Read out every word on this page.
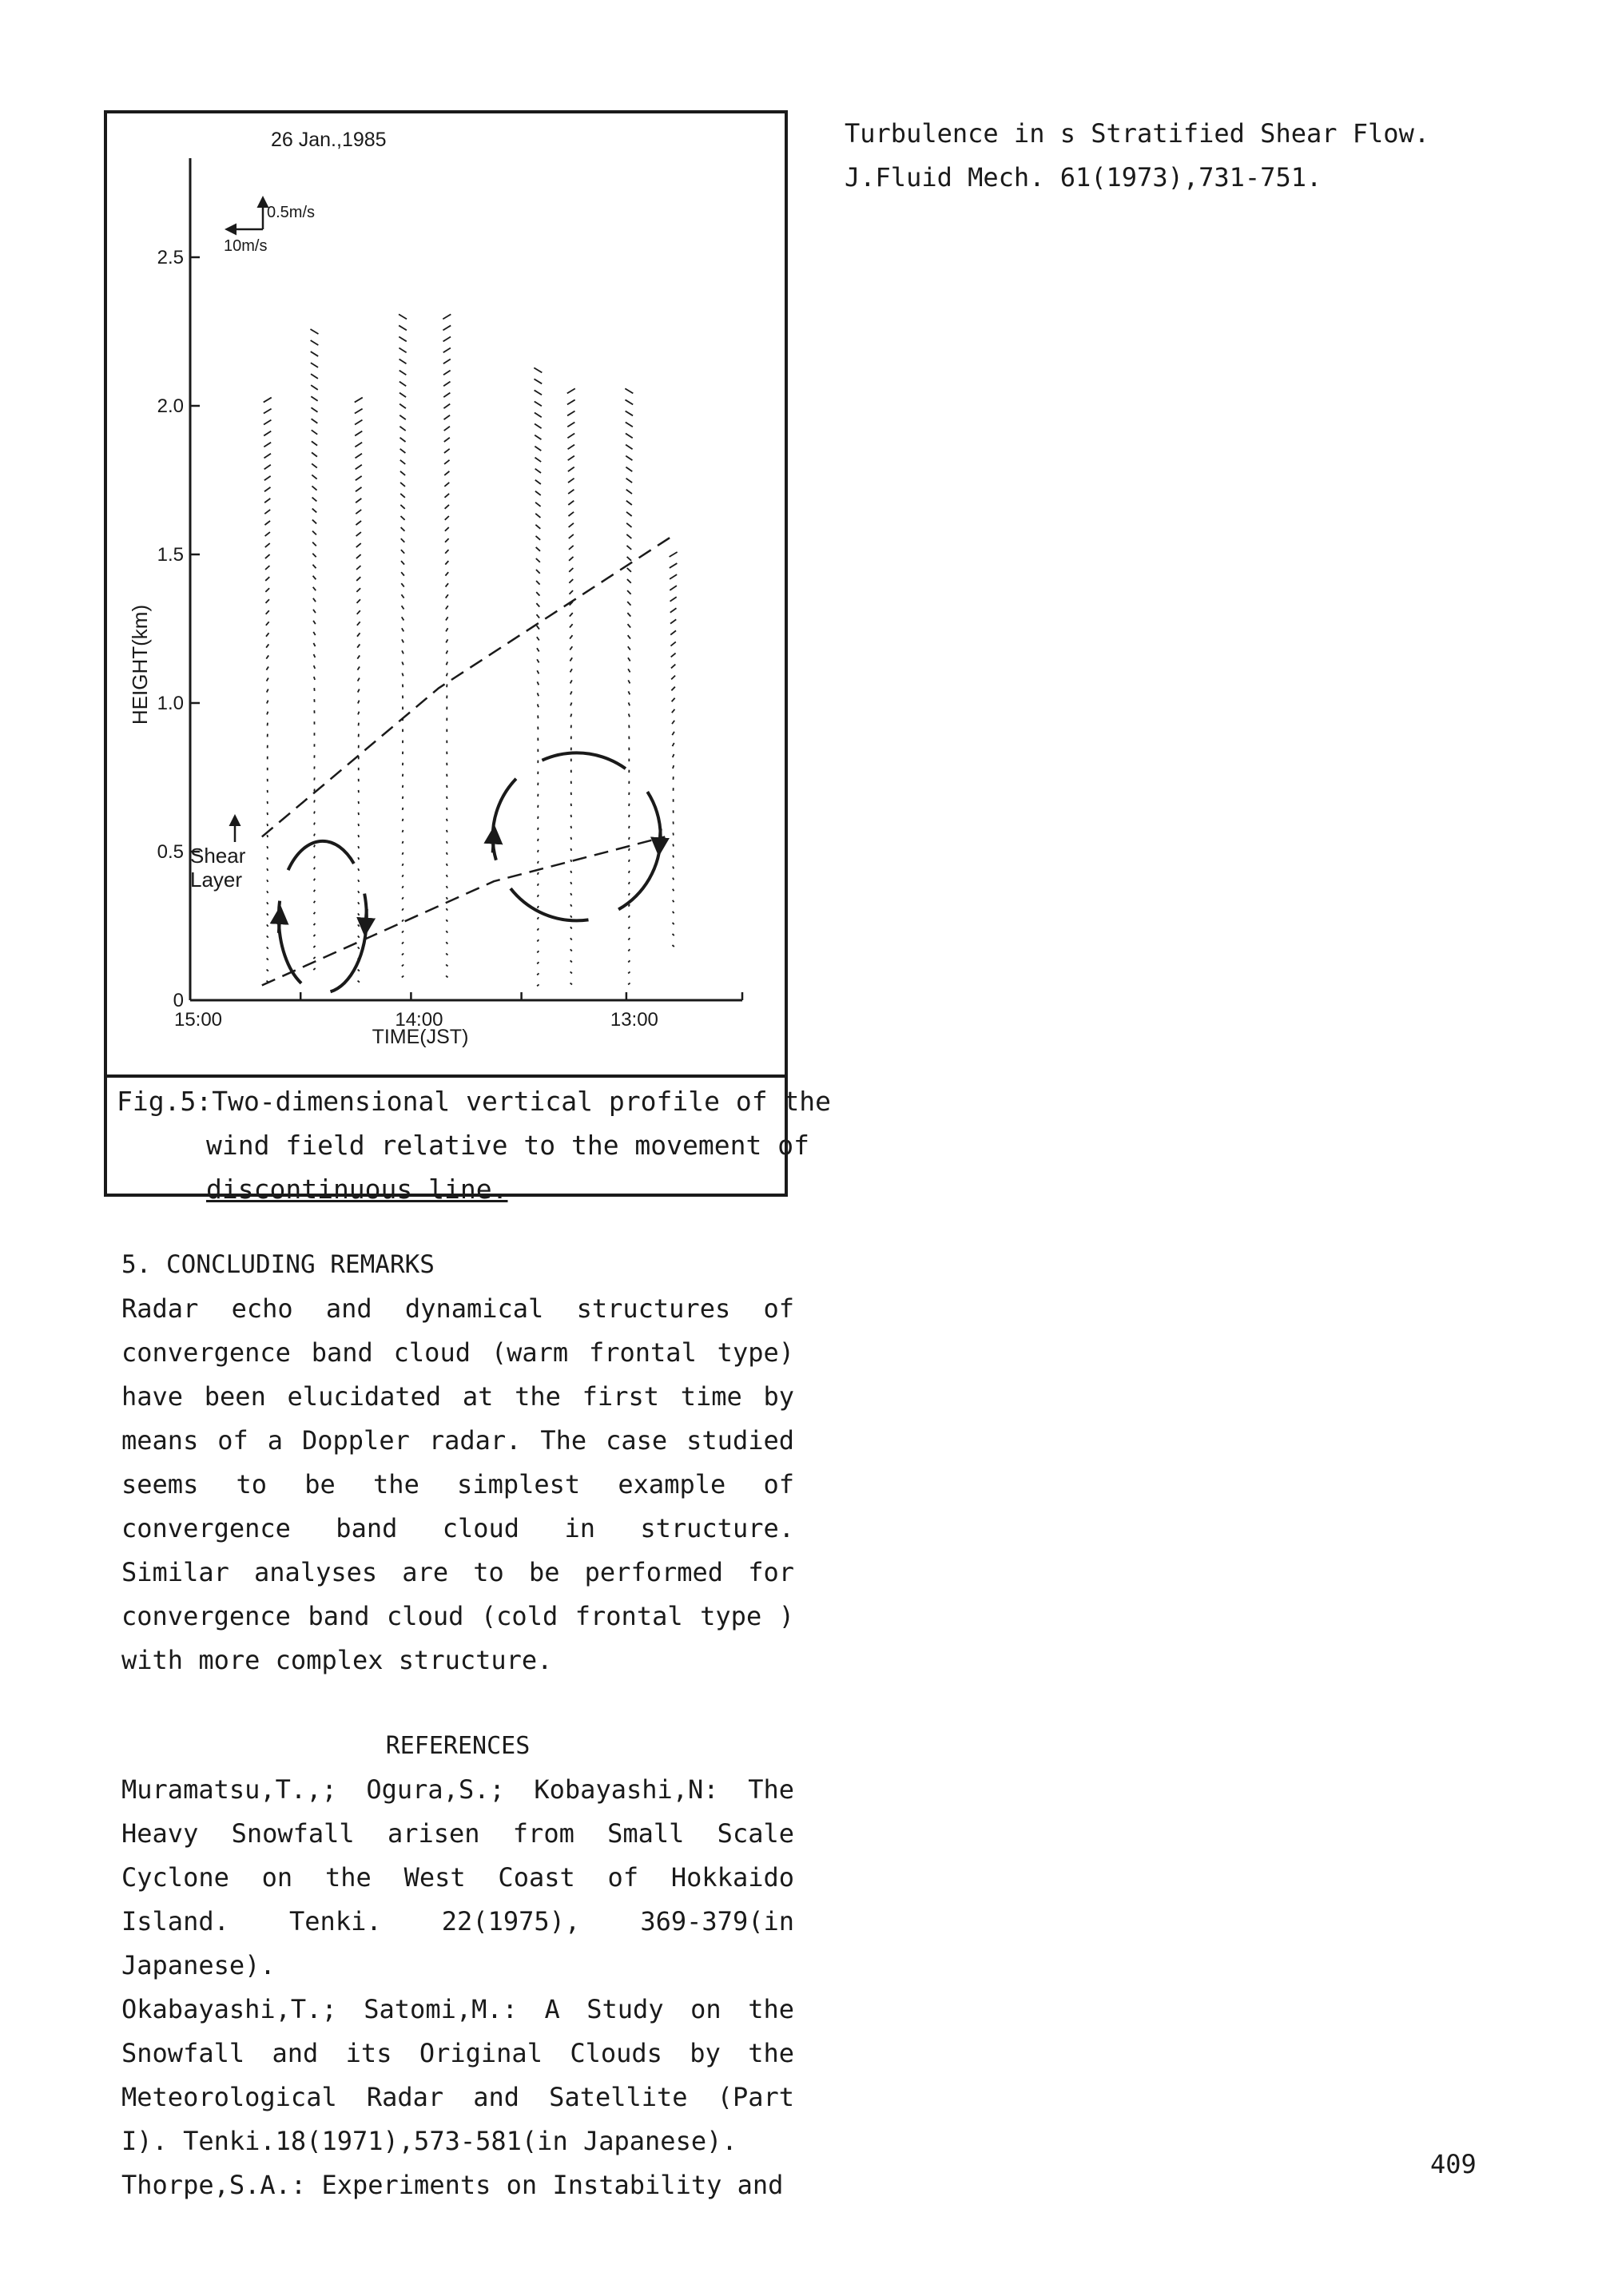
0
0.5
1.0
1.5
2.0
2.5
15:00	14:00	13:00
26 Jan.,1985
0.5m/s
10m/s
HEIGHT(km)
TIME(JST)
Shear
Layer
Fig.5:Two-dimensional vertical profile of the
wind field relative to the movement of
discontinuous line.
5. CONCLUDING REMARKS

Radar echo and dynamical structures of convergence band cloud (warm frontal type) have been elucidated at the first time by means of a Doppler radar. The case studied seems to be the simplest example of convergence band cloud in structure. Similar analyses are to be performed for convergence band cloud (cold frontal type ) with more complex structure.

REFERENCES

Muramatsu,T.,; Ogura,S.; Kobayashi,N: The Heavy Snowfall arisen from Small Scale Cyclone on the West Coast of Hokkaido Island. Tenki. 22(1975), 369-379(in Japanese).

Okabayashi,T.; Satomi,M.: A Study on the Snowfall and its Original Clouds by the Meteorological Radar and Satellite (Part I). Tenki.18(1971),573-581(in Japanese).

Thorpe,S.A.: Experiments on Instability and

Turbulence in s Stratified Shear Flow.

J.Fluid Mech. 61(1973),731-751.

409
